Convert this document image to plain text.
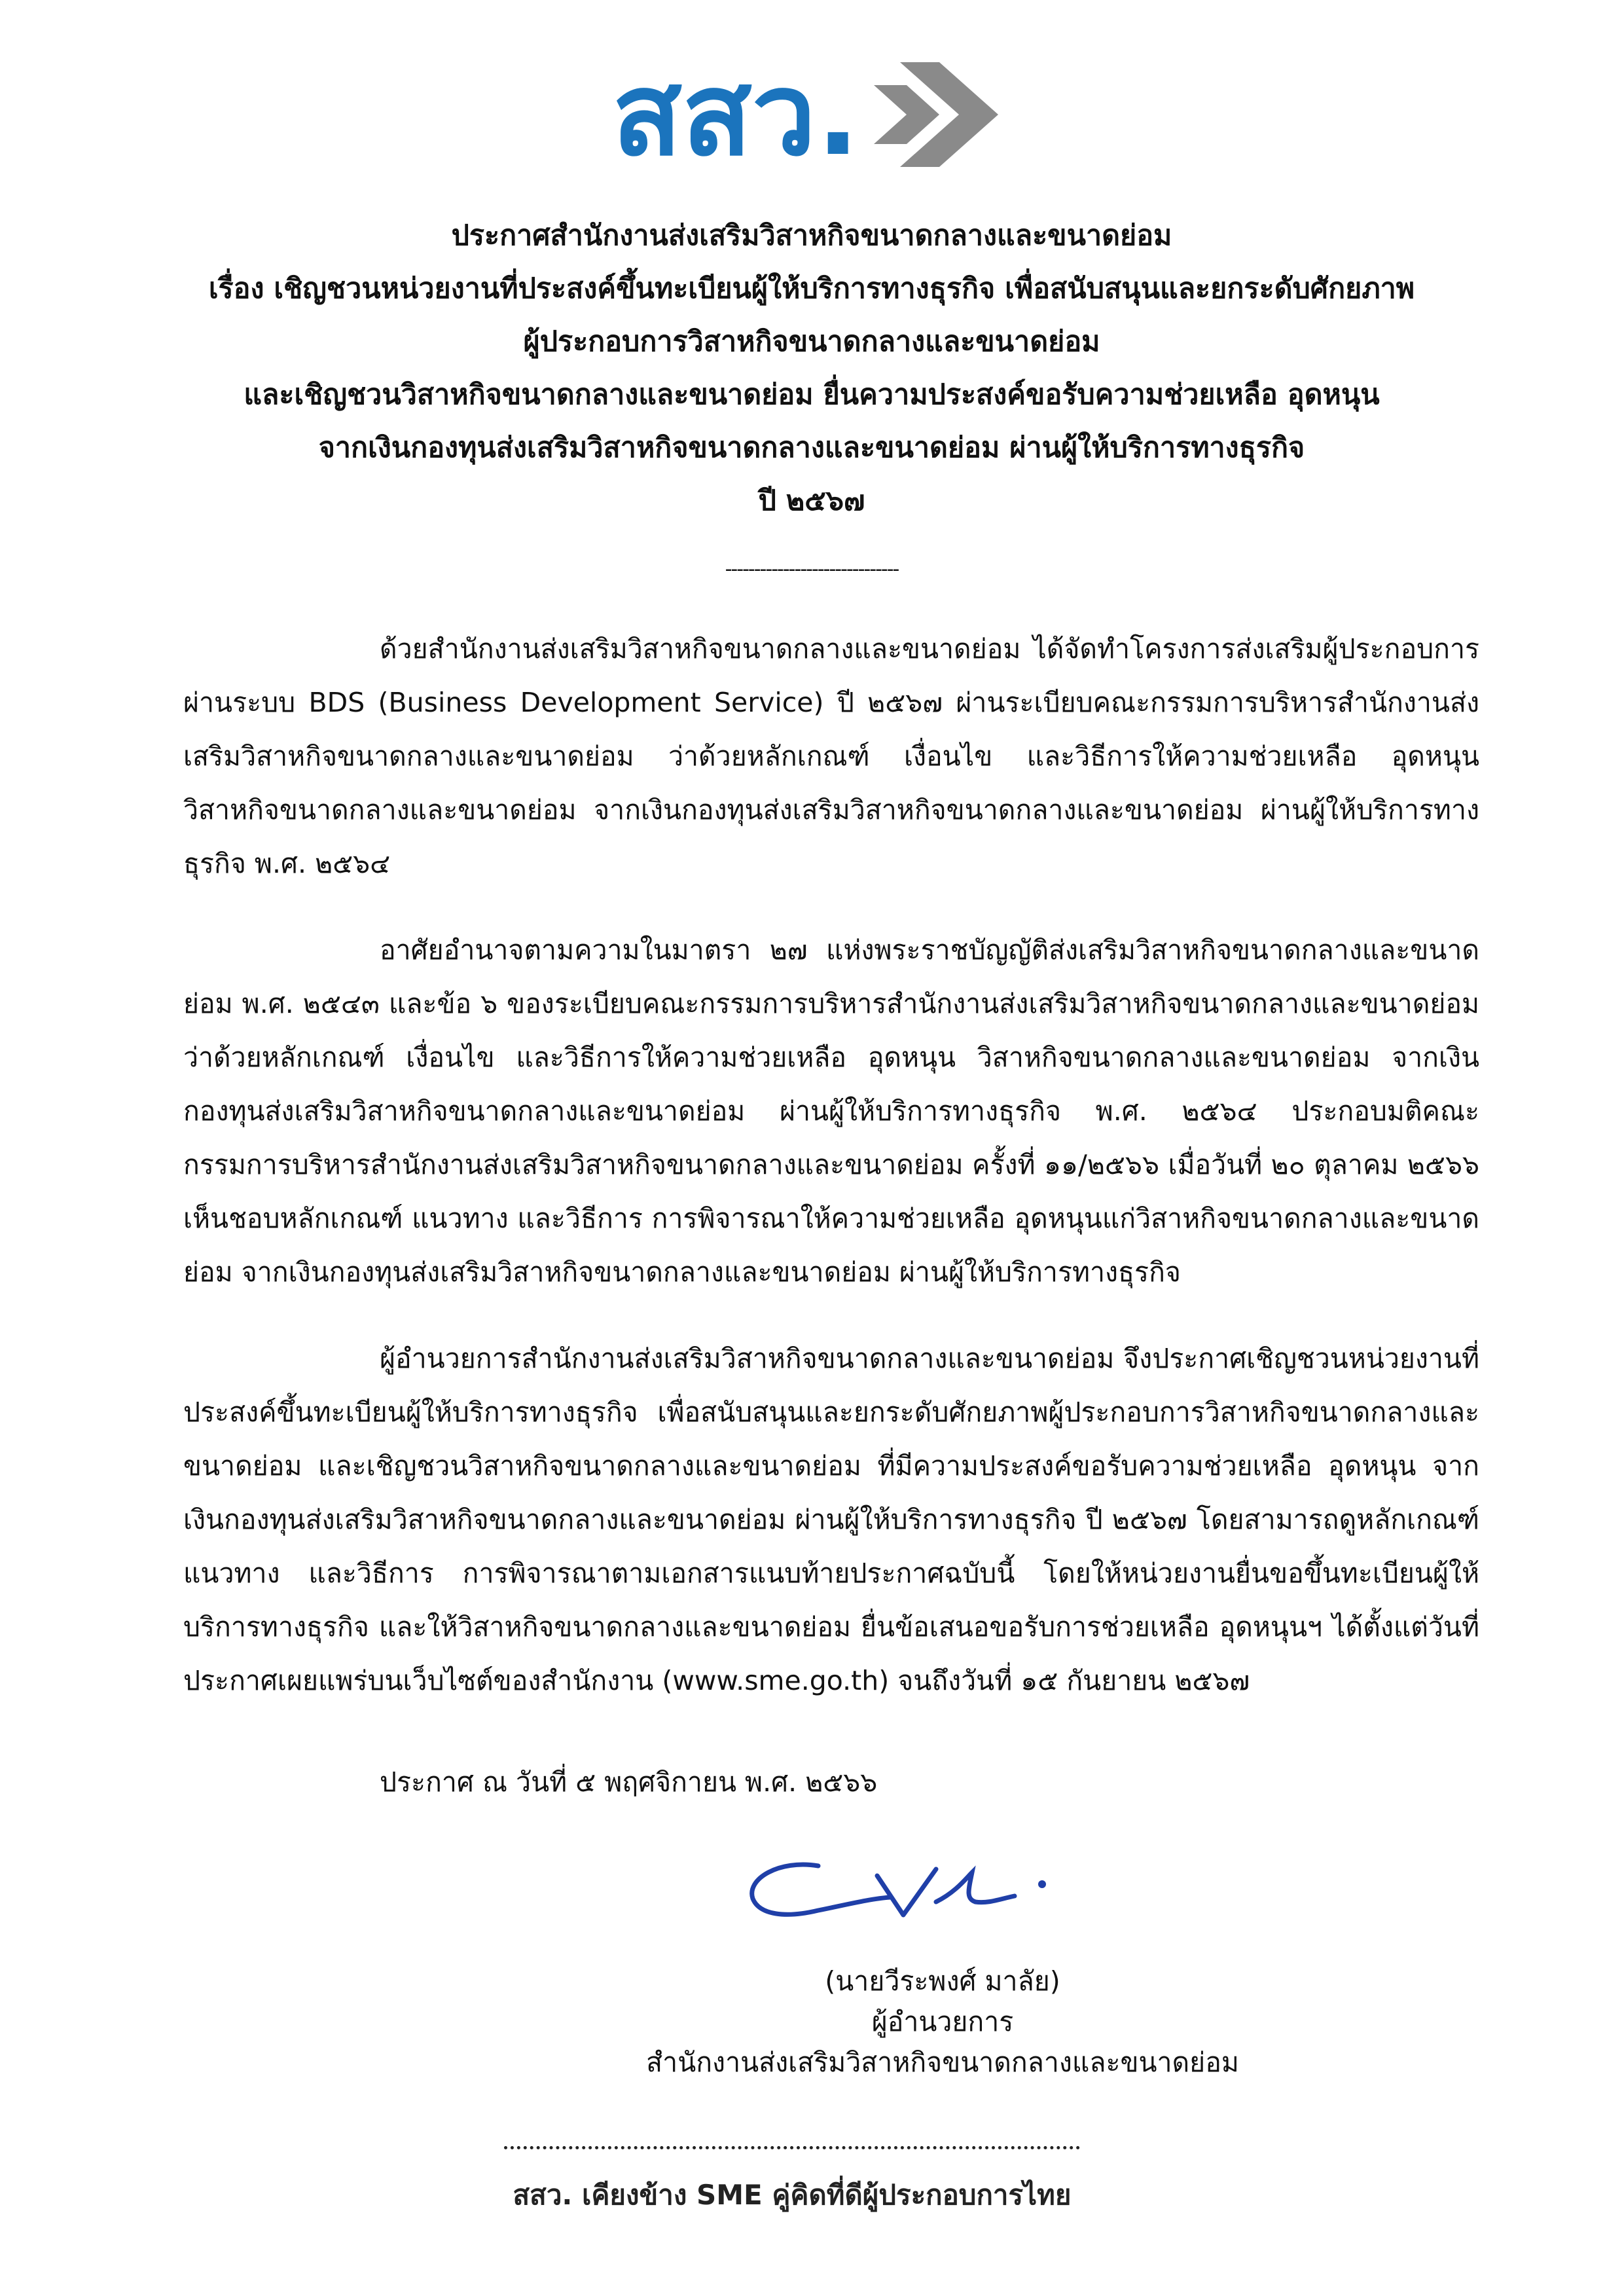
สสว.
ประกาศสำนักงานส่งเสริมวิสาหกิจขนาดกลางและขนาดย่อม
เรื่อง เชิญชวนหน่วยงานที่ประสงค์ขึ้นทะเบียนผู้ให้บริการทางธุรกิจ เพื่อสนับสนุนและยกระดับศักยภาพ
ผู้ประกอบการวิสาหกิจขนาดกลางและขนาดย่อม
และเชิญชวนวิสาหกิจขนาดกลางและขนาดย่อม ยื่นความประสงค์ขอรับความช่วยเหลือ อุดหนุน
จากเงินกองทุนส่งเสริมวิสาหกิจขนาดกลางและขนาดย่อม ผ่านผู้ให้บริการทางธุรกิจ
ปี ๒๕๖๗
------------------------------

ด้วยสำนักงานส่งเสริมวิสาหกิจขนาดกลางและขนาดย่อม ได้จัดทำโครงการส่งเสริมผู้ประกอบการผ่านระบบ BDS (Business Development Service) ปี ๒๕๖๗ ผ่านระเบียบคณะกรรมการบริหารสำนักงานส่งเสริมวิสาหกิจขนาดกลางและขนาดย่อม ว่าด้วยหลักเกณฑ์ เงื่อนไข และวิธีการให้ความช่วยเหลือ อุดหนุน วิสาหกิจขนาดกลางและขนาดย่อม จากเงินกองทุนส่งเสริมวิสาหกิจขนาดกลางและขนาดย่อม ผ่านผู้ให้บริการทางธุรกิจ พ.ศ. ๒๕๖๔

อาศัยอำนาจตามความในมาตรา ๒๗ แห่งพระราชบัญญัติส่งเสริมวิสาหกิจขนาดกลางและขนาดย่อม พ.ศ. ๒๕๔๓ และข้อ ๖ ของระเบียบคณะกรรมการบริหารสำนักงานส่งเสริมวิสาหกิจขนาดกลางและขนาดย่อม ว่าด้วยหลักเกณฑ์ เงื่อนไข และวิธีการให้ความช่วยเหลือ อุดหนุน วิสาหกิจขนาดกลางและขนาดย่อม จากเงินกองทุนส่งเสริมวิสาหกิจขนาดกลางและขนาดย่อม ผ่านผู้ให้บริการทางธุรกิจ พ.ศ. ๒๕๖๔ ประกอบมติคณะกรรมการบริหารสำนักงานส่งเสริมวิสาหกิจขนาดกลางและขนาดย่อม ครั้งที่ ๑๑/๒๕๖๖ เมื่อวันที่ ๒๐ ตุลาคม ๒๕๖๖ เห็นชอบหลักเกณฑ์ แนวทาง และวิธีการ การพิจารณาให้ความช่วยเหลือ อุดหนุนแก่วิสาหกิจขนาดกลางและขนาดย่อม จากเงินกองทุนส่งเสริมวิสาหกิจขนาดกลางและขนาดย่อม ผ่านผู้ให้บริการทางธุรกิจ

ผู้อำนวยการสำนักงานส่งเสริมวิสาหกิจขนาดกลางและขนาดย่อม จึงประกาศเชิญชวนหน่วยงานที่ประสงค์ขึ้นทะเบียนผู้ให้บริการทางธุรกิจ เพื่อสนับสนุนและยกระดับศักยภาพผู้ประกอบการวิสาหกิจขนาดกลางและขนาดย่อม และเชิญชวนวิสาหกิจขนาดกลางและขนาดย่อม ที่มีความประสงค์ขอรับความช่วยเหลือ อุดหนุน จากเงินกองทุนส่งเสริมวิสาหกิจขนาดกลางและขนาดย่อม ผ่านผู้ให้บริการทางธุรกิจ ปี ๒๕๖๗ โดยสามารถดูหลักเกณฑ์ แนวทาง และวิธีการ การพิจารณาตามเอกสารแนบท้ายประกาศฉบับนี้ โดยให้หน่วยงานยื่นขอขึ้นทะเบียนผู้ให้บริการทางธุรกิจ และให้วิสาหกิจขนาดกลางและขนาดย่อม ยื่นข้อเสนอขอรับการช่วยเหลือ อุดหนุนฯ ได้ตั้งแต่วันที่ประกาศเผยแพร่บนเว็บไซต์ของสำนักงาน (www.sme.go.th) จนถึงวันที่ ๑๕ กันยายน ๒๕๖๗

ประกาศ ณ วันที่ ๕ พฤศจิกายน พ.ศ. ๒๕๖๖
(นายวีระพงศ์ มาลัย)
ผู้อำนวยการ
สำนักงานส่งเสริมวิสาหกิจขนาดกลางและขนาดย่อม
สสว. เคียงข้าง SME คู่คิดที่ดีผู้ประกอบการไทย
